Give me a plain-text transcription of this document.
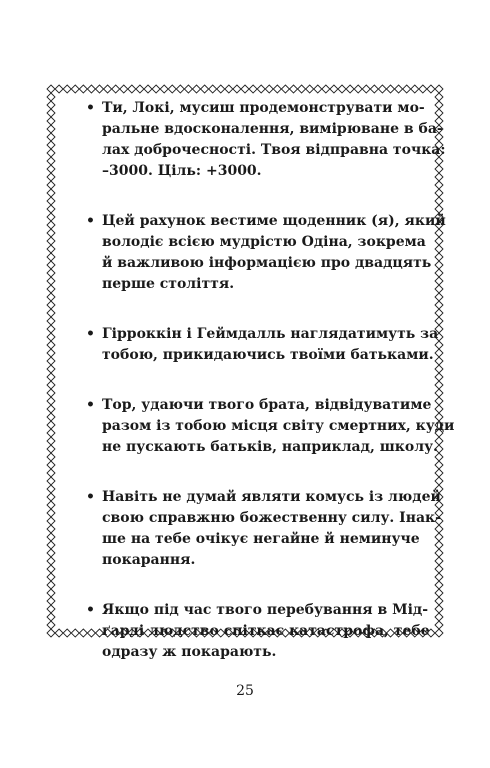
• Ти, Локі, мусиш продемонструвати мо-
ральне вдосконалення, вимірюване в ба-
лах доброчесності. Твоя відправна точка:
–3000. Ціль: +3000.
• Цей рахунок вестиме щоденник (я), який
володіє всією мудрістю Одіна, зокрема
й важливою інформацією про двадцять
перше століття.
• Гірроккін і Геймдалль наглядатимуть за
тобою, прикидаючись твоїми батьками.
• Тор, удаючи твого брата, відвідуватиме
разом із тобою місця світу смертних, куди
не пускають батьків, наприклад, школу.
• Навіть не думай являти комусь із людей
свою справжню божественну силу. Інак-
ше на тебе очікує негайне й неминуче
покарання.
• Якщо під час твого перебування в Мід-
ґарді людство спіткає катастрофа, тебе
одразу ж покарають.
25
